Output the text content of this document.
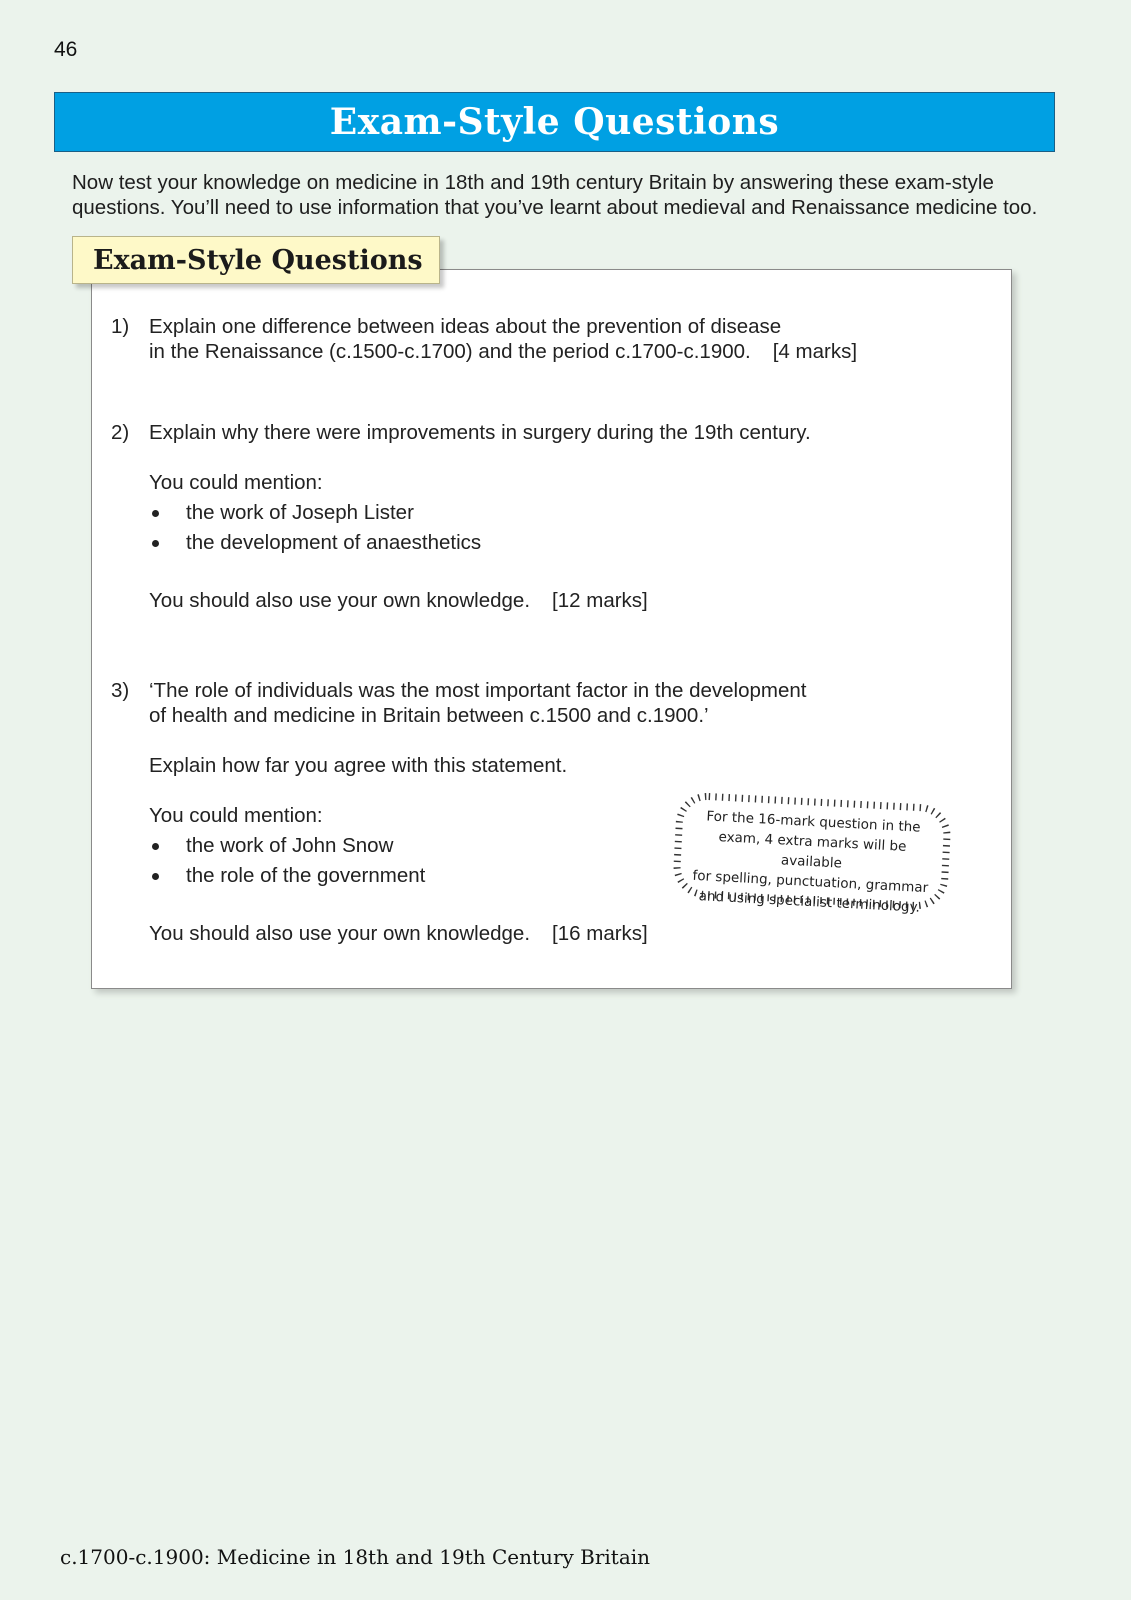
46
Exam-Style Questions
Now test your knowledge on medicine in 18th and 19th century Britain by answering these exam-style
questions. You’ll need to use information that you’ve learnt about medieval and Renaissance medicine too.
Exam-Style Questions
1) Explain one difference between ideas about the prevention of disease

in the Renaissance (c.1500-c.1700) and the period c.1700-c.1900. [4 marks]

2) Explain why there were improvements in surgery during the 19th century.

You could mention:

the work of Joseph Lister
the development of anaesthetics

You should also use your own knowledge. [12 marks]

3) ‘The role of individuals was the most important factor in the development

of health and medicine in Britain between c.1500 and c.1900.’

Explain how far you agree with this statement.

You could mention:

the work of John Snow
the role of the government

You should also use your own knowledge. [16 marks]

For the 16-mark question in the
exam, 4 extra marks will be available
for spelling, punctuation, grammar
and using specialist terminology.
c.1700-c.1900: Medicine in 18th and 19th Century Britain
